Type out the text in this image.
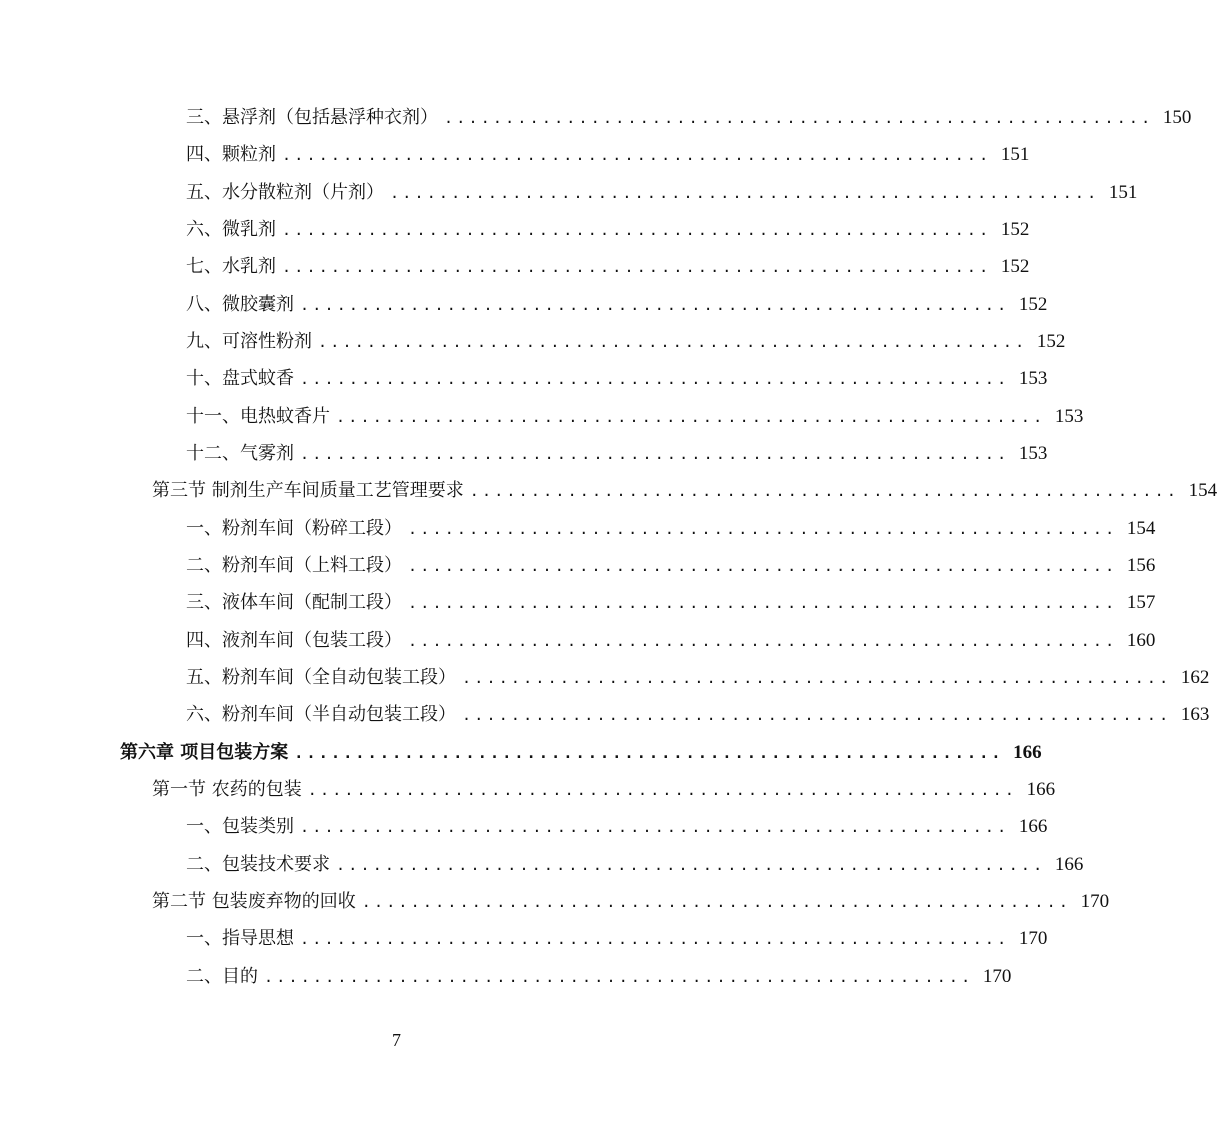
三、悬浮剂（包括悬浮种衣剂） .......................................................... 150
四、颗粒剂 .......................................................... 151
五、水分散粒剂（片剂） .......................................................... 151
六、微乳剂 .......................................................... 152
七、水乳剂 .......................................................... 152
八、微胶囊剂 .......................................................... 152
九、可溶性粉剂 .......................................................... 152
十、盘式蚊香 .......................................................... 153
十一、电热蚊香片 .......................................................... 153
十二、气雾剂 .......................................................... 153
第三节 制剂生产车间质量工艺管理要求 .......................................................... 154
一、粉剂车间（粉碎工段） .......................................................... 154
二、粉剂车间（上料工段） .......................................................... 156
三、液体车间（配制工段） .......................................................... 157
四、液剂车间（包装工段） .......................................................... 160
五、粉剂车间（全自动包装工段） .......................................................... 162
六、粉剂车间（半自动包装工段） .......................................................... 163
第六章 项目包装方案 .......................................................... 166
第一节 农药的包装 .......................................................... 166
一、包装类别 .......................................................... 166
二、包装技术要求 .......................................................... 166
第二节 包装废弃物的回收 .......................................................... 170
一、指导思想 .......................................................... 170
二、目的 .......................................................... 170
7
